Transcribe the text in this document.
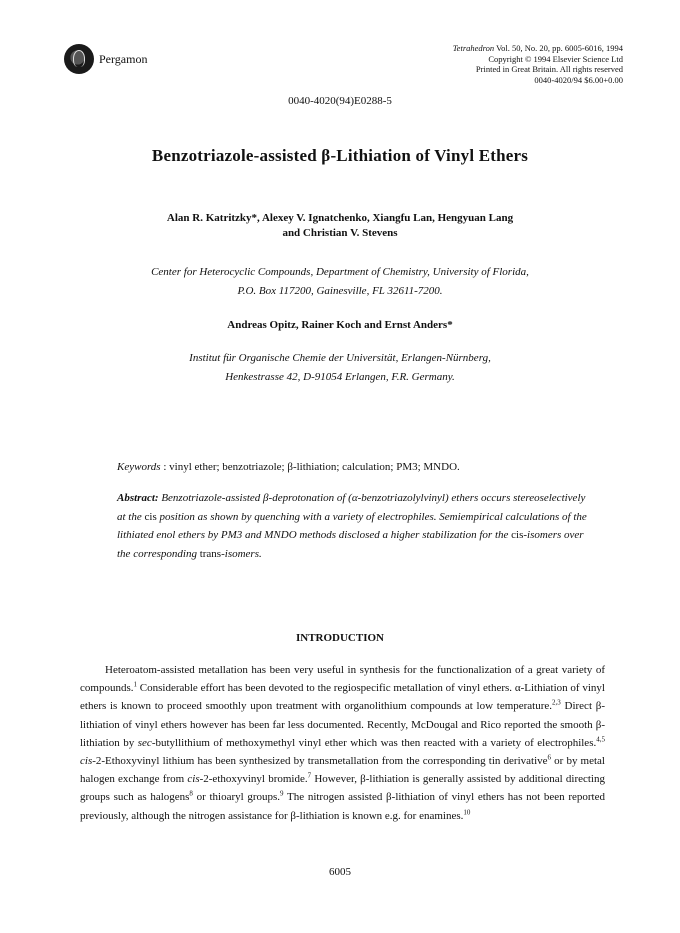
Pergamon
Tetrahedron Vol. 50, No. 20, pp. 6005-6016, 1994
Copyright © 1994 Elsevier Science Ltd
Printed in Great Britain. All rights reserved
0040-4020/94 $6.00+0.00
0040-4020(94)E0288-5
Benzotriazole-assisted β-Lithiation of Vinyl Ethers
Alan R. Katritzky*, Alexey V. Ignatchenko, Xiangfu Lan, Hengyuan Lang
and Christian V. Stevens
Center for Heterocyclic Compounds, Department of Chemistry, University of Florida,
P.O. Box 117200, Gainesville, FL 32611-7200.
Andreas Opitz, Rainer Koch and Ernst Anders*
Institut für Organische Chemie der Universität, Erlangen-Nürnberg,
Henkestrasse 42, D-91054 Erlangen, F.R. Germany.
Keywords : vinyl ether; benzotriazole; β-lithiation; calculation; PM3; MNDO.
Abstract: Benzotriazole-assisted β-deprotonation of (α-benzotriazolylvinyl) ethers occurs stereoselectively at the cis position as shown by quenching with a variety of electrophiles. Semiempirical calculations of the lithiated enol ethers by PM3 and MNDO methods disclosed a higher stabilization for the cis-isomers over the corresponding trans-isomers.
INTRODUCTION

Heteroatom-assisted metallation has been very useful in synthesis for the functionalization of a great variety of compounds.$^1$ Considerable effort has been devoted to the regiospecific metallation of vinyl ethers. α-Lithiation of vinyl ethers is known to proceed smoothly upon treatment with organolithium compounds at low temperature.$^{2,3}$ Direct β-lithiation of vinyl ethers however has been far less documented. Recently, McDougal and Rico reported the smooth β-lithiation by sec-butyllithium of methoxymethyl vinyl ether which was then reacted with a variety of electrophiles.$^{4,5}$ cis-2-Ethoxyvinyl lithium has been synthesized by transmetallation from the corresponding tin derivative$^6$ or by metal halogen exchange from cis-2-ethoxyvinyl bromide.$^7$ However, β-lithiation is generally assisted by additional directing groups such as halogens$^8$ or thioaryl groups.$^9$ The nitrogen assisted β-lithiation of vinyl ethers has not been reported previously, although the nitrogen assistance for β-lithiation is known e.g. for enamines.$^{10}$

6005
